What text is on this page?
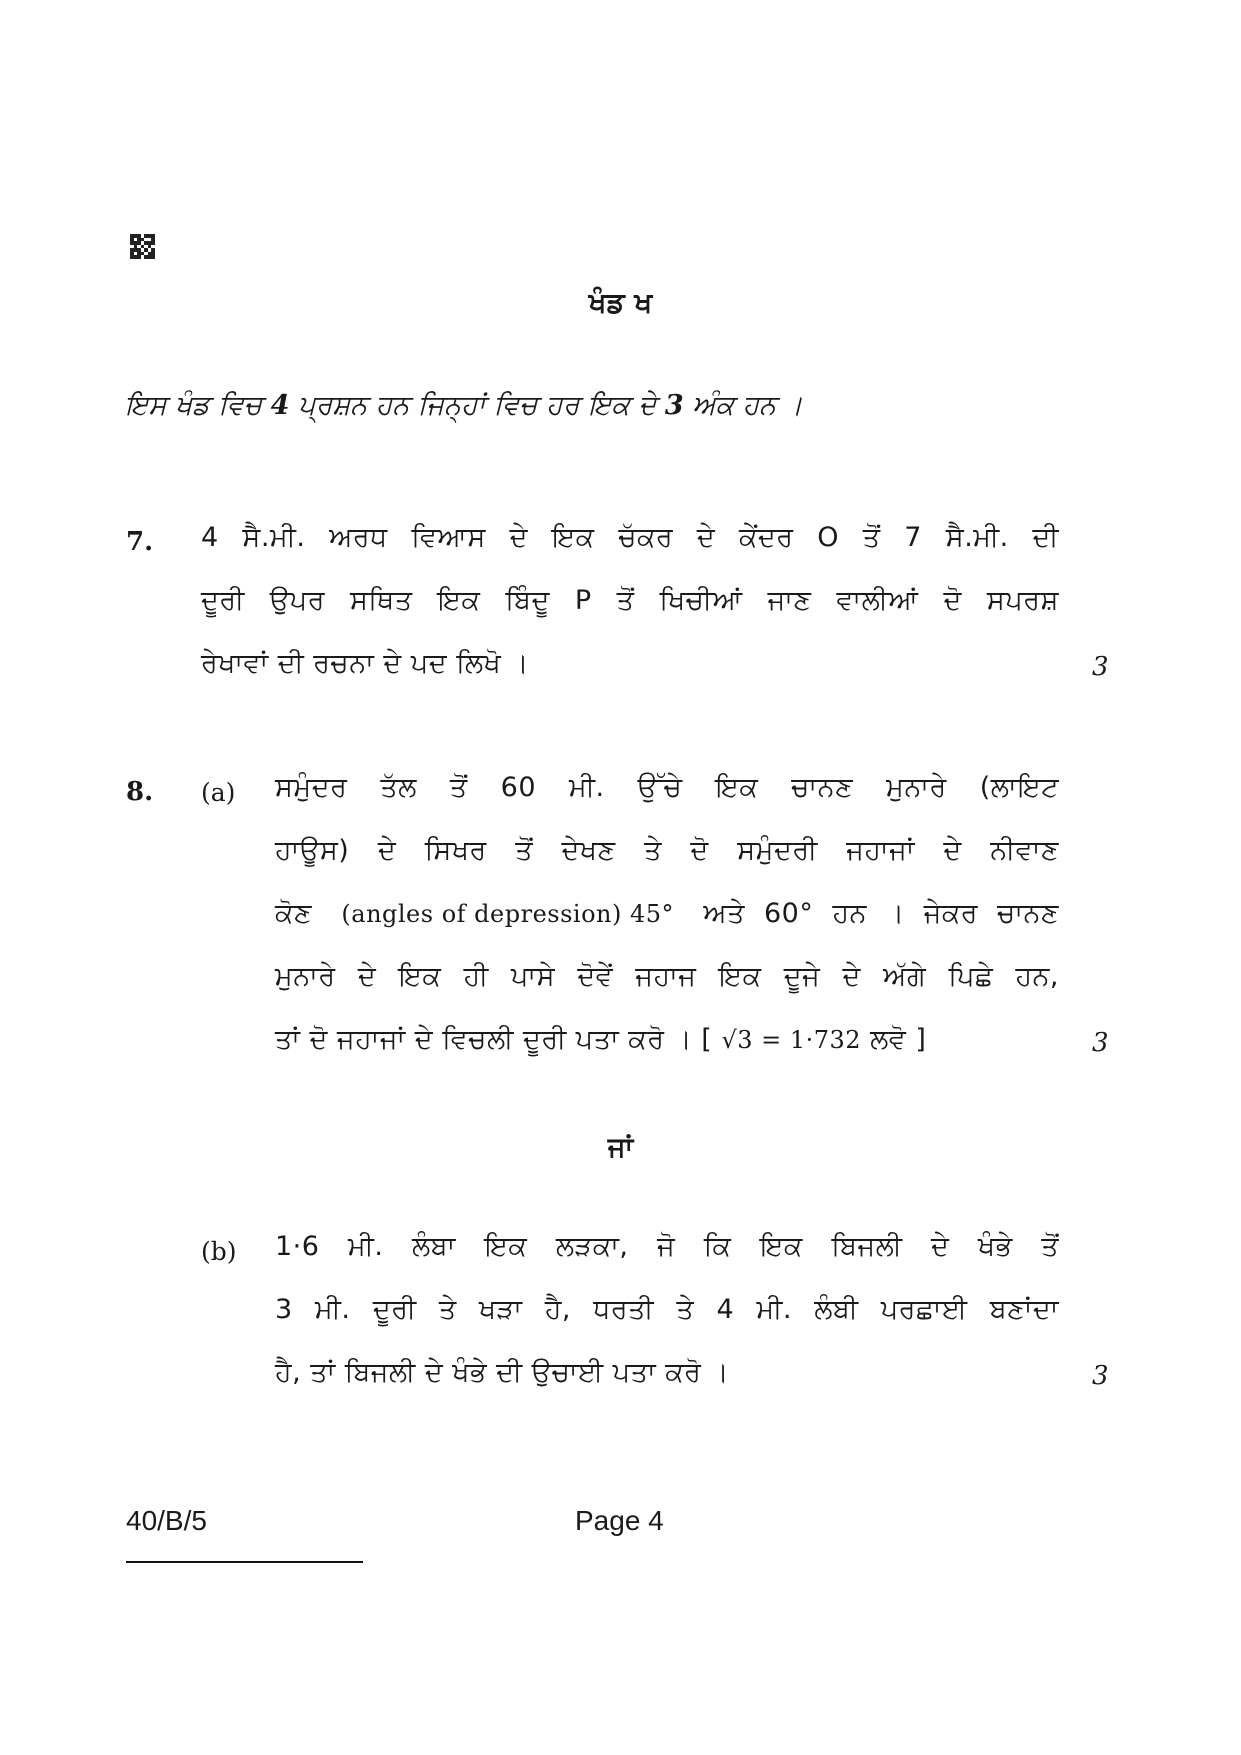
ਖੰਡ ਖ
ਇਸ ਖੰਡ ਵਿਚ 4 ਪ੍ਰਸ਼ਨ ਹਨ ਜਿਨ੍ਹਾਂ ਵਿਚ ਹਰ ਇਕ ਦੇ 3 ਅੰਕ ਹਨ ।
7. 4 ਸੈ.ਮੀ. ਅਰਧ ਵਿਆਸ ਦੇ ਇਕ ਚੱਕਰ ਦੇ ਕੇਂਦਰ O ਤੋਂ 7 ਸੈ.ਮੀ. ਦੀ
ਦੂਰੀ ਉਪਰ ਸਥਿਤ ਇਕ ਬਿੰਦੂ P ਤੋਂ ਖਿਚੀਆਂ ਜਾਣ ਵਾਲੀਆਂ ਦੋ ਸਪਰਸ਼
ਰੇਖਾਵਾਂ ਦੀ ਰਚਨਾ ਦੇ ਪਦ ਲਿਖੋ ।	3
8. (a) ਸਮੁੰਦਰ ਤੱਲ ਤੋਂ 60 ਮੀ. ਉੱਚੇ ਇਕ ਚਾਨਣ ਮੁਨਾਰੇ (ਲਾਇਟ
ਹਾਊਸ) ਦੇ ਸਿਖਰ ਤੋਂ ਦੇਖਣ ਤੇ ਦੋ ਸਮੁੰਦਰੀ ਜਹਾਜਾਂ ਦੇ ਨੀਵਾਣ
ਕੋਣ (angles of depression) 45° ਅਤੇ 60° ਹਨ । ਜੇਕਰ ਚਾਨਣ
ਮੁਨਾਰੇ ਦੇ ਇਕ ਹੀ ਪਾਸੇ ਦੋਵੇਂ ਜਹਾਜ ਇਕ ਦੂਜੇ ਦੇ ਅੱਗੇ ਪਿਛੇ ਹਨ,
ਤਾਂ ਦੋ ਜਹਾਜਾਂ ਦੇ ਵਿਚਲੀ ਦੂਰੀ ਪਤਾ ਕਰੋ । [ √3 = 1·732 ਲਵੋ ]	3
ਜਾਂ
(b) 1·6 ਮੀ. ਲੰਬਾ ਇਕ ਲੜਕਾ, ਜੋ ਕਿ ਇਕ ਬਿਜਲੀ ਦੇ ਖੰਭੇ ਤੋਂ
3 ਮੀ. ਦੂਰੀ ਤੇ ਖੜਾ ਹੈ, ਧਰਤੀ ਤੇ 4 ਮੀ. ਲੰਬੀ ਪਰਛਾਈ ਬਣਾਂਦਾ
ਹੈ, ਤਾਂ ਬਿਜਲੀ ਦੇ ਖੰਭੇ ਦੀ ਉਚਾਈ ਪਤਾ ਕਰੋ ।	3
40/B/5	Page 4
